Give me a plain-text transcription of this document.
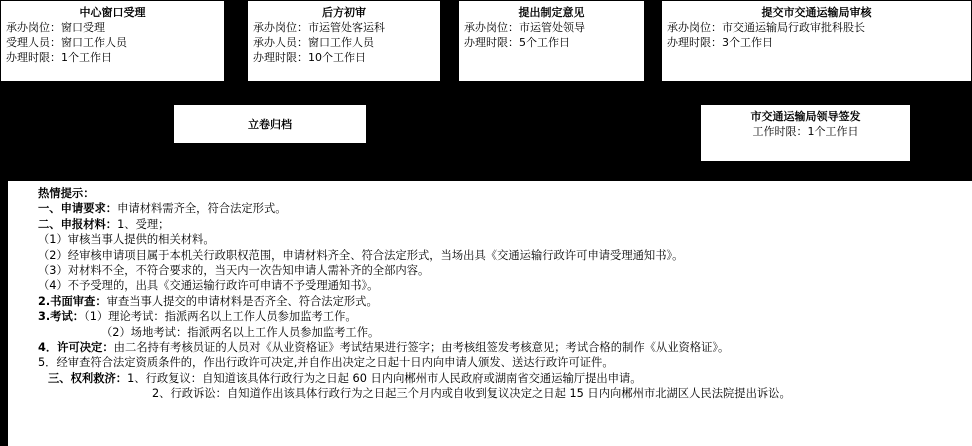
中心窗口受理
承办岗位：窗口受理
受理人员：窗口工作人员
办理时限：1个工作日
后方初审
承办岗位：市运管处客运科
承办人员：窗口工作人员
办理时限：10个工作日
提出制定意见
承办岗位：市运管处领导
办理时限：5个工作日
提交市交通运输局审核
承办岗位：市交通运输局行政审批科股长
办理时限：3个工作日
立卷归档
市交通运输局领导签发
工作时限：1个工作日
热情提示：
一、申请要求：申请材料需齐全，符合法定形式。
二、申报材料：1、受理；
（1）审核当事人提供的相关材料。
（2）经审核申请项目属于本机关行政职权范围，申请材料齐全、符合法定形式，当场出具《交通运输行政许可申请受理通知书》。
（3）对材料不全，不符合要求的，当天内一次告知申请人需补齐的全部内容。
（4）不予受理的，出具《交通运输行政许可申请不予受理通知书》。
2.书面审查：审查当事人提交的申请材料是否齐全、符合法定形式。
3.考试：（1）理论考试：指派两名以上工作人员参加监考工作。
（2）场地考试：指派两名以上工作人员参加监考工作。
4．许可决定：由二名持有考核员证的人员对《从业资格证》考试结果进行签字；由考核组签发考核意见；考试合格的制作《从业资格证》。
5．经审查符合法定资质条件的，作出行政许可决定,并自作出决定之日起十日内向申请人颁发、送达行政许可证件。
三、权利救济：1、行政复议：自知道该具体行政行为之日起 60 日内向郴州市人民政府或湖南省交通运输厅提出申请。
2、行政诉讼：自知道作出该具体行政行为之日起三个月内或自收到复议决定之日起 15 日内向郴州市北湖区人民法院提出诉讼。
